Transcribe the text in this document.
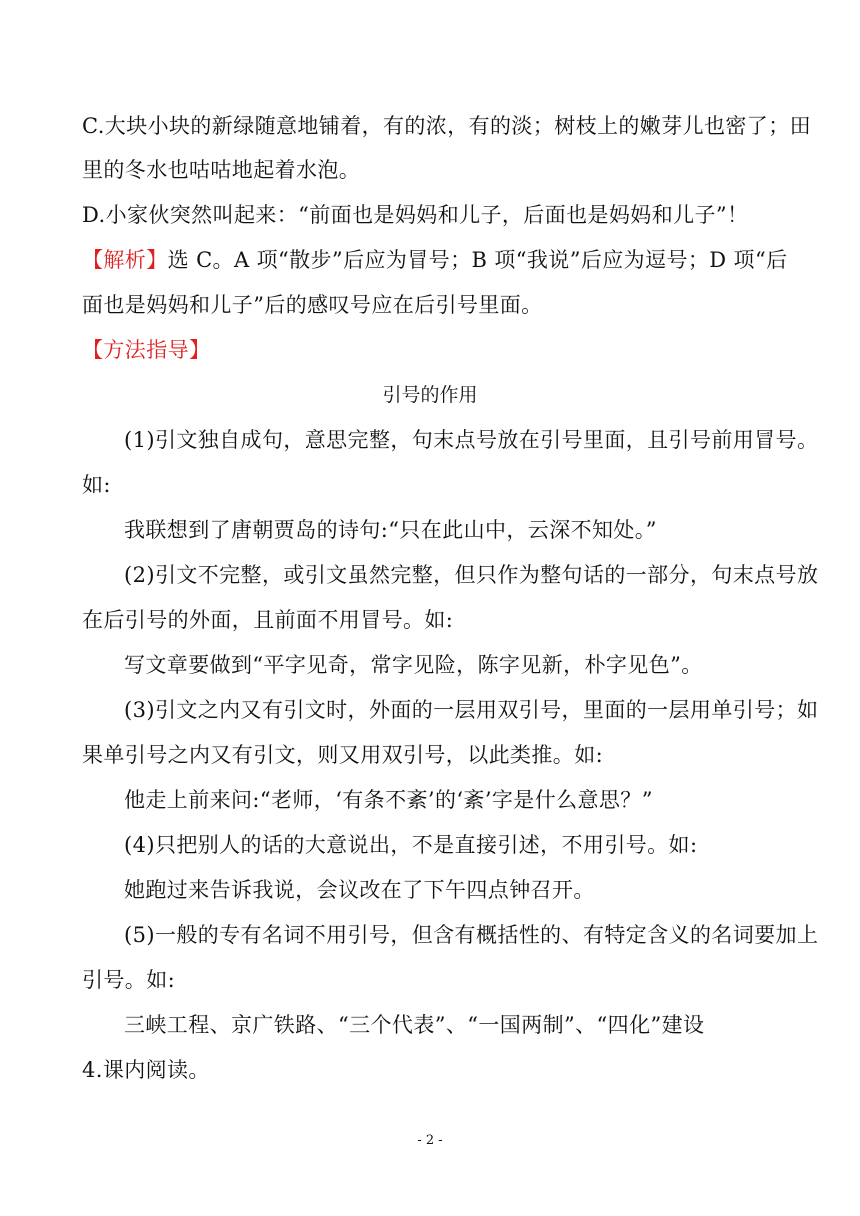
C.大块小块的新绿随意地铺着，有的浓，有的淡；树枝上的嫩芽儿也密了；田
里的冬水也咕咕地起着水泡。
D.小家伙突然叫起来：“前面也是妈妈和儿子，后面也是妈妈和儿子”！
【解析】选 C。A 项“散步”后应为冒号；B 项“我说”后应为逗号；D 项“后
面也是妈妈和儿子”后的感叹号应在后引号里面。
【方法指导】
引号的作用
(1)引文独自成句，意思完整，句末点号放在引号里面，且引号前用冒号。
如:
我联想到了唐朝贾岛的诗句:“只在此山中，云深不知处。”
(2)引文不完整，或引文虽然完整，但只作为整句话的一部分，句末点号放
在后引号的外面，且前面不用冒号。如:
写文章要做到“平字见奇，常字见险，陈字见新，朴字见色”。
(3)引文之内又有引文时，外面的一层用双引号，里面的一层用单引号；如
果单引号之内又有引文，则又用双引号，以此类推。如:
他走上前来问:“老师，‘有条不紊’的‘紊’字是什么意思？”
(4)只把别人的话的大意说出，不是直接引述，不用引号。如:
她跑过来告诉我说，会议改在了下午四点钟召开。
(5)一般的专有名词不用引号，但含有概括性的、有特定含义的名词要加上
引号。如:
三峡工程、京广铁路、“三个代表”、“一国两制”、“四化”建设
4.课内阅读。
- 2 -
